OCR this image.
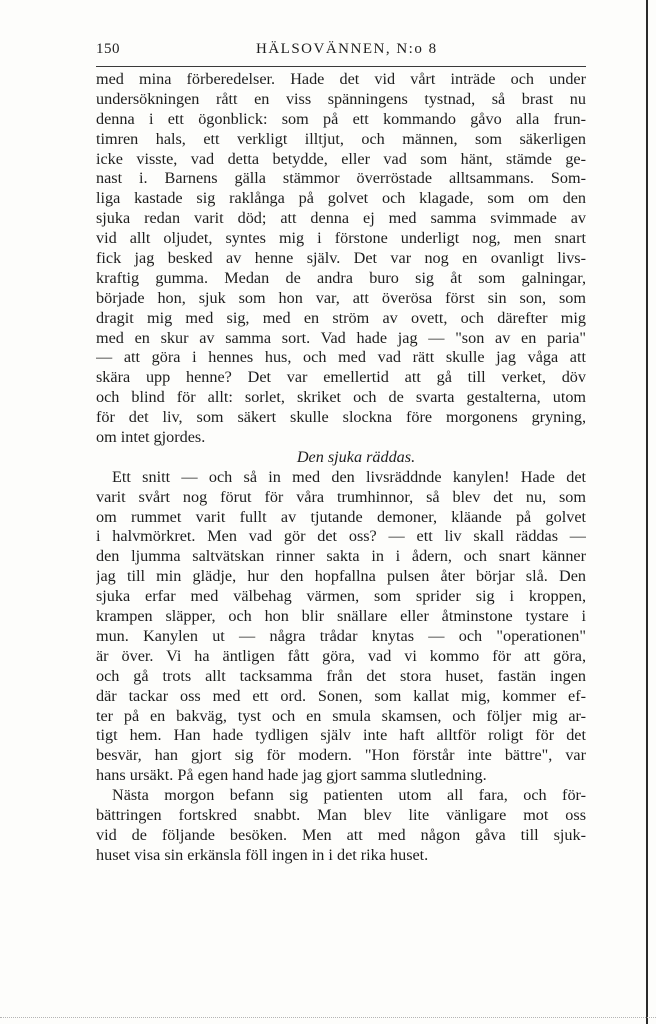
150	HÄLSOVÄNNEN, N:o 8
med mina förberedelser. Hade det vid vårt inträde och under
undersökningen rått en viss spänningens tystnad, så brast nu
denna i ett ögonblick: som på ett kommando gåvo alla frun-
timren hals, ett verkligt illtjut, och männen, som säkerligen
icke visste, vad detta betydde, eller vad som hänt, stämde ge-
nast i. Barnens gälla stämmor överröstade alltsammans. Som-
liga kastade sig raklånga på golvet och klagade, som om den
sjuka redan varit död; att denna ej med samma svimmade av
vid allt oljudet, syntes mig i förstone underligt nog, men snart
fick jag besked av henne själv. Det var nog en ovanligt livs-
kraftig gumma. Medan de andra buro sig åt som galningar,
började hon, sjuk som hon var, att överösa först sin son, som
dragit mig med sig, med en ström av ovett, och därefter mig
med en skur av samma sort. Vad hade jag — "son av en paria"
— att göra i hennes hus, och med vad rätt skulle jag våga att
skära upp henne? Det var emellertid att gå till verket, döv
och blind för allt: sorlet, skriket och de svarta gestalterna, utom
för det liv, som säkert skulle slockna före morgonens gryning,
om intet gjordes.
Den sjuka räddas.
Ett snitt — och så in med den livsräddnde kanylen! Hade det
varit svårt nog förut för våra trumhinnor, så blev det nu, som
om rummet varit fullt av tjutande demoner, kläande på golvet
i halvmörkret. Men vad gör det oss? — ett liv skall räddas —
den ljumma saltvätskan rinner sakta in i ådern, och snart känner
jag till min glädje, hur den hopfallna pulsen åter börjar slå. Den
sjuka erfar med välbehag värmen, som sprider sig i kroppen,
krampen släpper, och hon blir snällare eller åtminstone tystare i
mun. Kanylen ut — några trådar knytas — och "operationen"
är över. Vi ha äntligen fått göra, vad vi kommo för att göra,
och gå trots allt tacksamma från det stora huset, fastän ingen
där tackar oss med ett ord. Sonen, som kallat mig, kommer ef-
ter på en bakväg, tyst och en smula skamsen, och följer mig ar-
tigt hem. Han hade tydligen själv inte haft alltför roligt för det
besvär, han gjort sig för modern. "Hon förstår inte bättre", var
hans ursäkt. På egen hand hade jag gjort samma slutledning.
Nästa morgon befann sig patienten utom all fara, och för-
bättringen fortskred snabbt. Man blev lite vänligare mot oss
vid de följande besöken. Men att med någon gåva till sjuk-
huset visa sin erkänsla föll ingen in i det rika huset.
